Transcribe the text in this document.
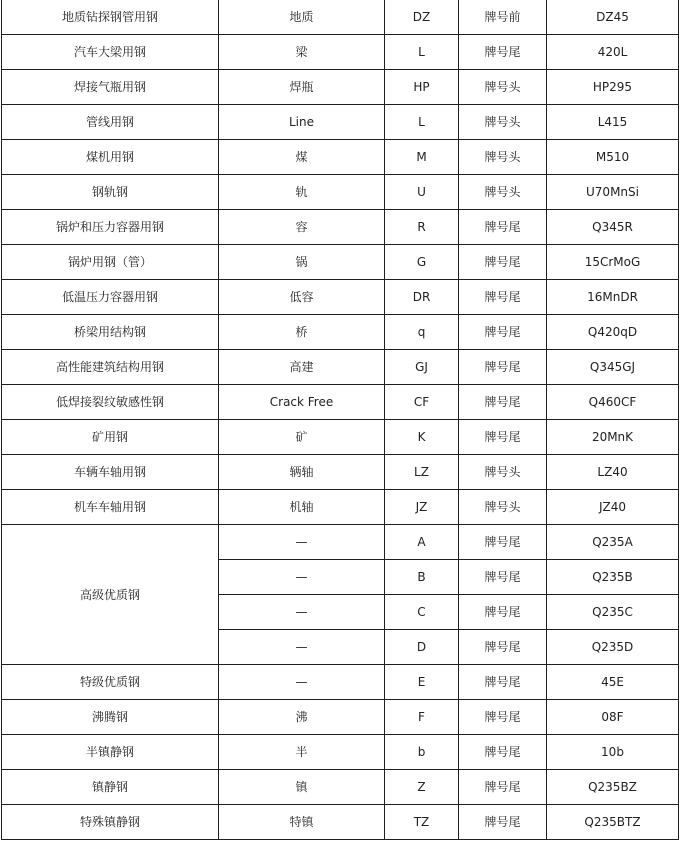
地质钻探钢管用钢	地质	DZ	牌号前	DZ45
汽车大梁用钢	梁	L	牌号尾	420L
焊接气瓶用钢	焊瓶	HP	牌号头	HP295
管线用钢	Line	L	牌号头	L415
煤机用钢	煤	M	牌号头	M510
钢轨钢	轨	U	牌号头	U70MnSi
锅炉和压力容器用钢	容	R	牌号尾	Q345R
锅炉用钢（管）	锅	G	牌号尾	15CrMoG
低温压力容器用钢	低容	DR	牌号尾	16MnDR
桥梁用结构钢	桥	q	牌号尾	Q420qD
高性能建筑结构用钢	高建	GJ	牌号尾	Q345GJ
低焊接裂纹敏感性钢	Crack Free	CF	牌号尾	Q460CF
矿用钢	矿	K	牌号尾	20MnK
车辆车轴用钢	辆轴	LZ	牌号头	LZ40
机车车轴用钢	机轴	JZ	牌号头	JZ40
高级优质钢	—	A	牌号尾	Q235A
	—	B	牌号尾	Q235B
	—	C	牌号尾	Q235C
	—	D	牌号尾	Q235D
特级优质钢	—	E	牌号尾	45E
沸腾钢	沸	F	牌号尾	08F
半镇静钢	半	b	牌号尾	10b
镇静钢	镇	Z	牌号尾	Q235BZ
特殊镇静钢	特镇	TZ	牌号尾	Q235BTZ
